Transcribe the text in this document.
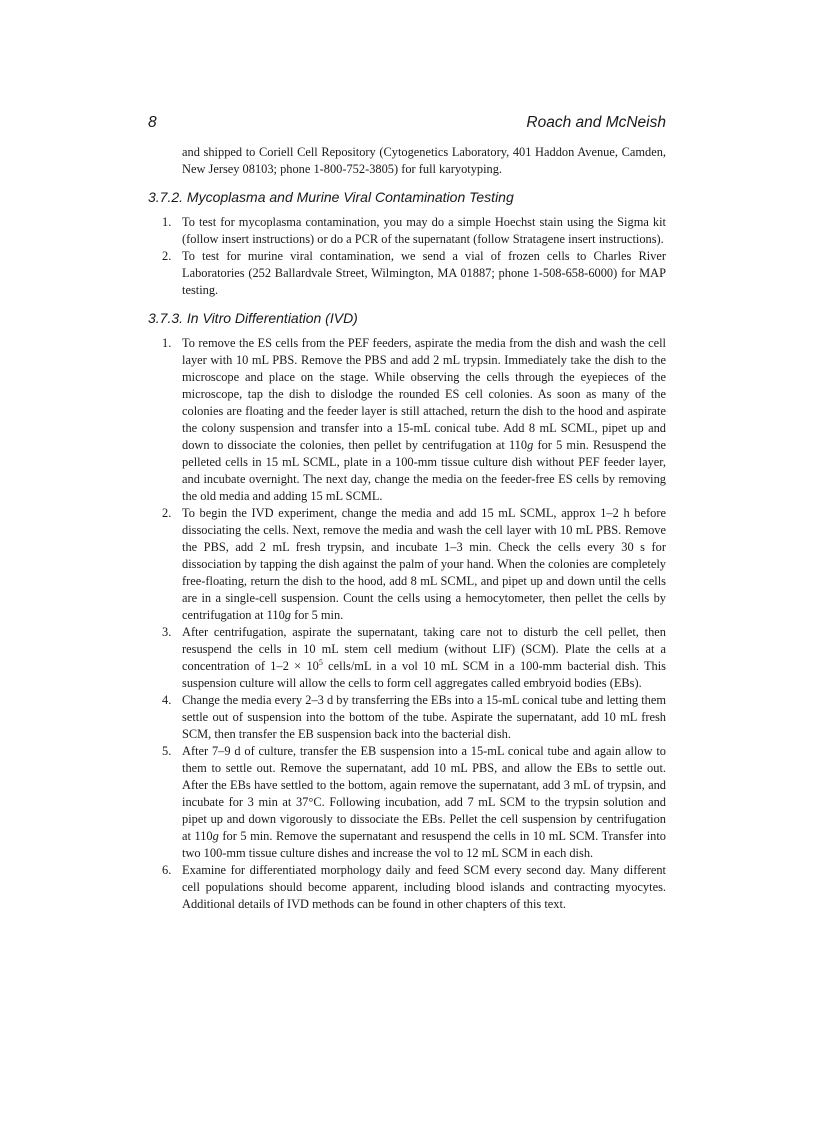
8	Roach and McNeish

and shipped to Coriell Cell Repository (Cytogenetics Laboratory, 401 Haddon Avenue, Camden, New Jersey 08103; phone 1-800-752-3805) for full karyotyping.

3.7.2. Mycoplasma and Murine Viral Contamination Testing
1. To test for mycoplasma contamination, you may do a simple Hoechst stain using the Sigma kit (follow insert instructions) or do a PCR of the supernatant (follow Stratagene insert instructions).
2. To test for murine viral contamination, we send a vial of frozen cells to Charles River Laboratories (252 Ballardvale Street, Wilmington, MA 01887; phone 1-508-658-6000) for MAP testing.
3.7.3. In Vitro Differentiation (IVD)
1. To remove the ES cells from the PEF feeders, aspirate the media from the dish and wash the cell layer with 10 mL PBS. Remove the PBS and add 2 mL trypsin. Immediately take the dish to the microscope and place on the stage. While observing the cells through the eyepieces of the microscope, tap the dish to dislodge the rounded ES cell colonies. As soon as many of the colonies are floating and the feeder layer is still attached, return the dish to the hood and aspirate the colony suspension and transfer into a 15-mL conical tube. Add 8 mL SCML, pipet up and down to dissociate the colonies, then pellet by centrifugation at 110g for 5 min. Resuspend the pelleted cells in 15 mL SCML, plate in a 100-mm tissue culture dish without PEF feeder layer, and incubate overnight. The next day, change the media on the feeder-free ES cells by removing the old media and adding 15 mL SCML.
2. To begin the IVD experiment, change the media and add 15 mL SCML, approx 1–2 h before dissociating the cells. Next, remove the media and wash the cell layer with 10 mL PBS. Remove the PBS, add 2 mL fresh trypsin, and incubate 1–3 min. Check the cells every 30 s for dissociation by tapping the dish against the palm of your hand. When the colonies are completely free-floating, return the dish to the hood, add 8 mL SCML, and pipet up and down until the cells are in a single-cell suspension. Count the cells using a hemocytometer, then pellet the cells by centrifugation at 110g for 5 min.
3. After centrifugation, aspirate the supernatant, taking care not to disturb the cell pellet, then resuspend the cells in 10 mL stem cell medium (without LIF) (SCM). Plate the cells at a concentration of $1-2 \times 10^5$ cells/mL in a vol 10 mL SCM in a 100-mm bacterial dish. This suspension culture will allow the cells to form cell aggregates called embryoid bodies (EBs).
4. Change the media every 2–3 d by transferring the EBs into a 15-mL conical tube and letting them settle out of suspension into the bottom of the tube. Aspirate the supernatant, add 10 mL fresh SCM, then transfer the EB suspension back into the bacterial dish.
5. After 7–9 d of culture, transfer the EB suspension into a 15-mL conical tube and again allow to them to settle out. Remove the supernatant, add 10 mL PBS, and allow the EBs to settle out. After the EBs have settled to the bottom, again remove the supernatant, add 3 mL of trypsin, and incubate for 3 min at 37°C. Following incubation, add 7 mL SCM to the trypsin solution and pipet up and down vigorously to dissociate the EBs. Pellet the cell suspension by centrifugation at 110g for 5 min. Remove the supernatant and resuspend the cells in 10 mL SCM. Transfer into two 100-mm tissue culture dishes and increase the vol to 12 mL SCM in each dish.
6. Examine for differentiated morphology daily and feed SCM every second day. Many different cell populations should become apparent, including blood islands and contracting myocytes. Additional details of IVD methods can be found in other chapters of this text.
